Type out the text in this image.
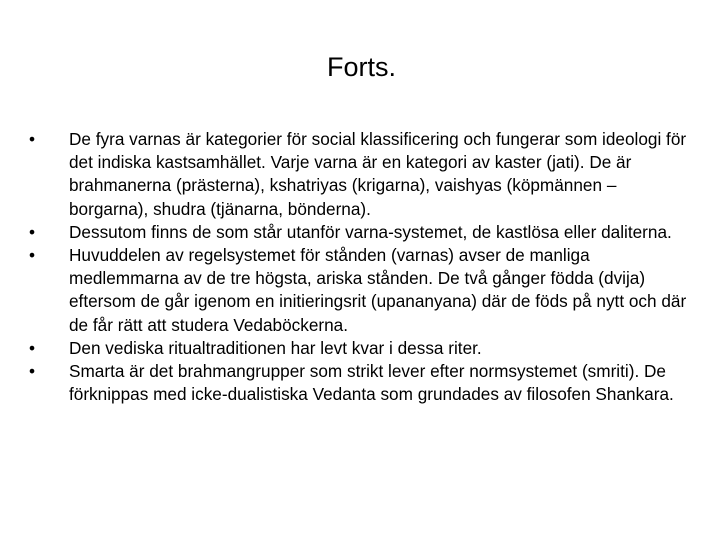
Forts.
•	De fyra varnas är kategorier för social klassificering och fungerar som ideologi för det indiska kastsamhället. Varje varna är en kategori av kaster (jati). De är brahmanerna (prästerna), kshatriyas (krigarna), vaishyas (köpmännen – borgarna), shudra (tjänarna, bönderna).
•	Dessutom finns de som står utanför varna-systemet, de kastlösa eller daliterna.
•	Huvuddelen av regelsystemet för stånden (varnas) avser de manliga medlemmarna av de tre högsta, ariska stånden. De två gånger födda (dvija) eftersom de går igenom en initieringsrit (upananyana) där de föds på nytt och där de får rätt att studera Vedaböckerna.
•	Den vediska ritualtraditionen har levt kvar i dessa riter.
•	Smarta är det brahmangrupper som strikt lever efter normsystemet (smriti). De förknippas med icke-dualistiska Vedanta som grundades av filosofen Shankara.
